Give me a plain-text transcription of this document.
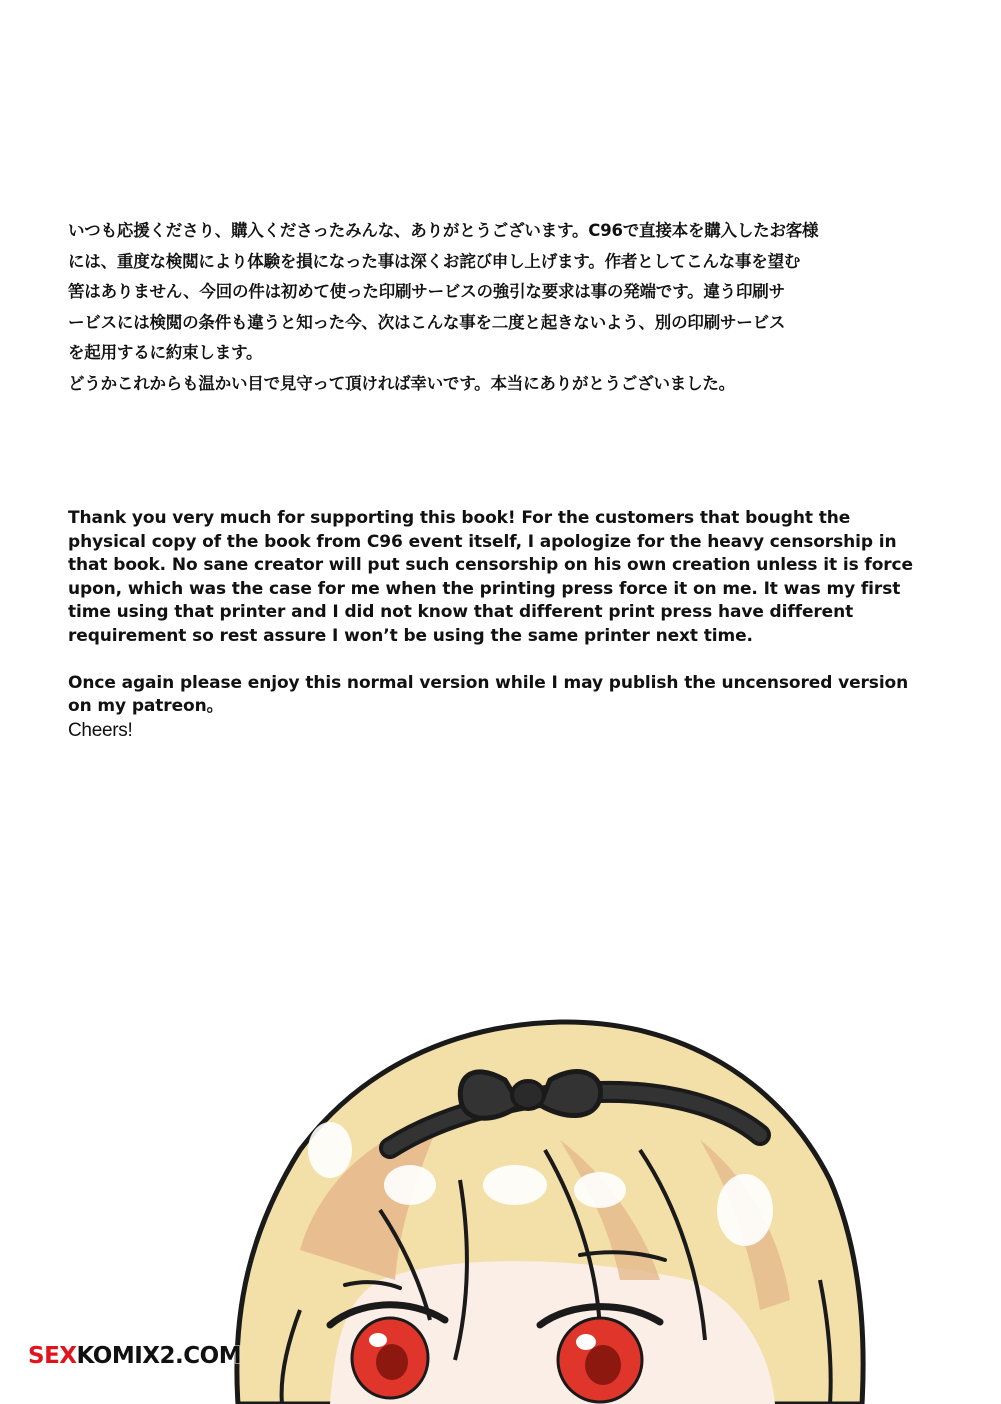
いつも応援くださり、購入くださったみんな、ありがとうございます。C96で直接本を購入したお客様
には、重度な検閲により体験を損になった事は深くお詫び申し上げます。作者としてこんな事を望む
筈はありません、今回の件は初めて使った印刷サービスの強引な要求は事の発端です。違う印刷サ
ービスには検閲の条件も違うと知った今、次はこんな事を二度と起きないよう、別の印刷サービス
を起用するに約束します。
どうかこれからも温かい目で見守って頂ければ幸いです。本当にありがとうございました。
Thank you very much for supporting this book! For the customers that bought the
physical copy of the book from C96 event itself, I apologize for the heavy censorship in
that book. No sane creator will put such censorship on his own creation unless it is force
upon, which was the case for me when the printing press force it on me. It was my first
time using that printer and I did not know that different print press have different
requirement so rest assure I won’t be using the same printer next time.
Once again please enjoy this normal version while I may publish the uncensored version
on my patreon。
Cheers!
SEXKOMIX2.COM
